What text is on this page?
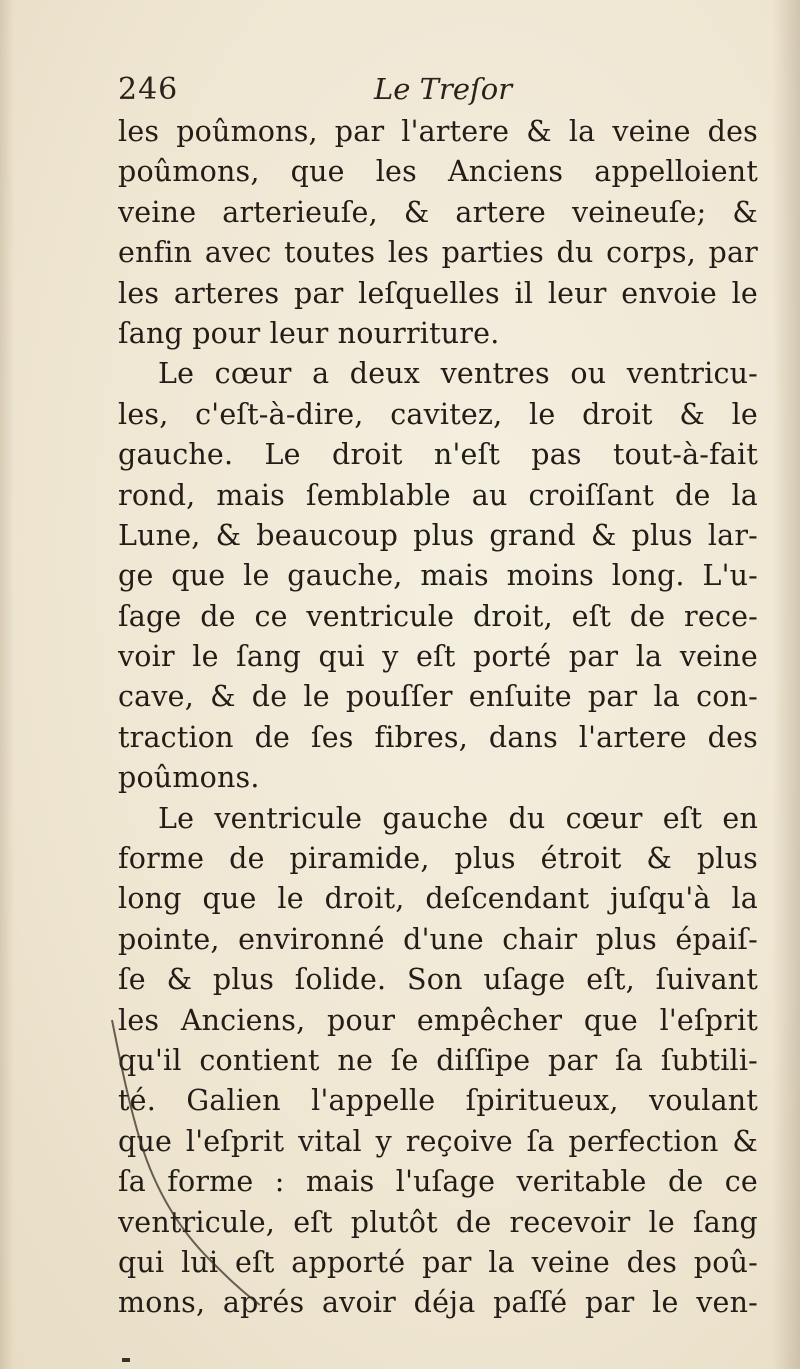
246	Le Treſor
les poûmons, par l'artere & la veine des
poûmons, que les Anciens appelloient
veine arterieuſe, & artere veineuſe; &
enfin avec toutes les parties du corps, par
les arteres par leſquelles il leur envoie le
ſang pour leur nourriture.
Le cœur a deux ventres ou ventricu-
les, c'eſt-à-dire, cavitez, le droit & le
gauche. Le droit n'eſt pas tout-à-fait
rond, mais ſemblable au croiſſant de la
Lune, & beaucoup plus grand & plus lar-
ge que le gauche, mais moins long. L'u-
ſage de ce ventricule droit, eſt de rece-
voir le ſang qui y eſt porté par la veine
cave, & de le pouſſer enſuite par la con-
traction de ſes fibres, dans l'artere des
poûmons.
Le ventricule gauche du cœur eſt en
forme de piramide, plus étroit & plus
long que le droit, deſcendant juſqu'à la
pointe, environné d'une chair plus épaiſ-
ſe & plus ſolide. Son uſage eſt, ſuivant
les Anciens, pour empêcher que l'eſprit
qu'il contient ne ſe diſſipe par ſa ſubtili-
té. Galien l'appelle ſpiritueux, voulant
que l'eſprit vital y reçoive ſa perfection &
ſa forme : mais l'uſage veritable de ce
ventricule, eſt plutôt de recevoir le ſang
qui lui eſt apporté par la veine des poû-
mons, aprés avoir déja paſſé par le ven-
